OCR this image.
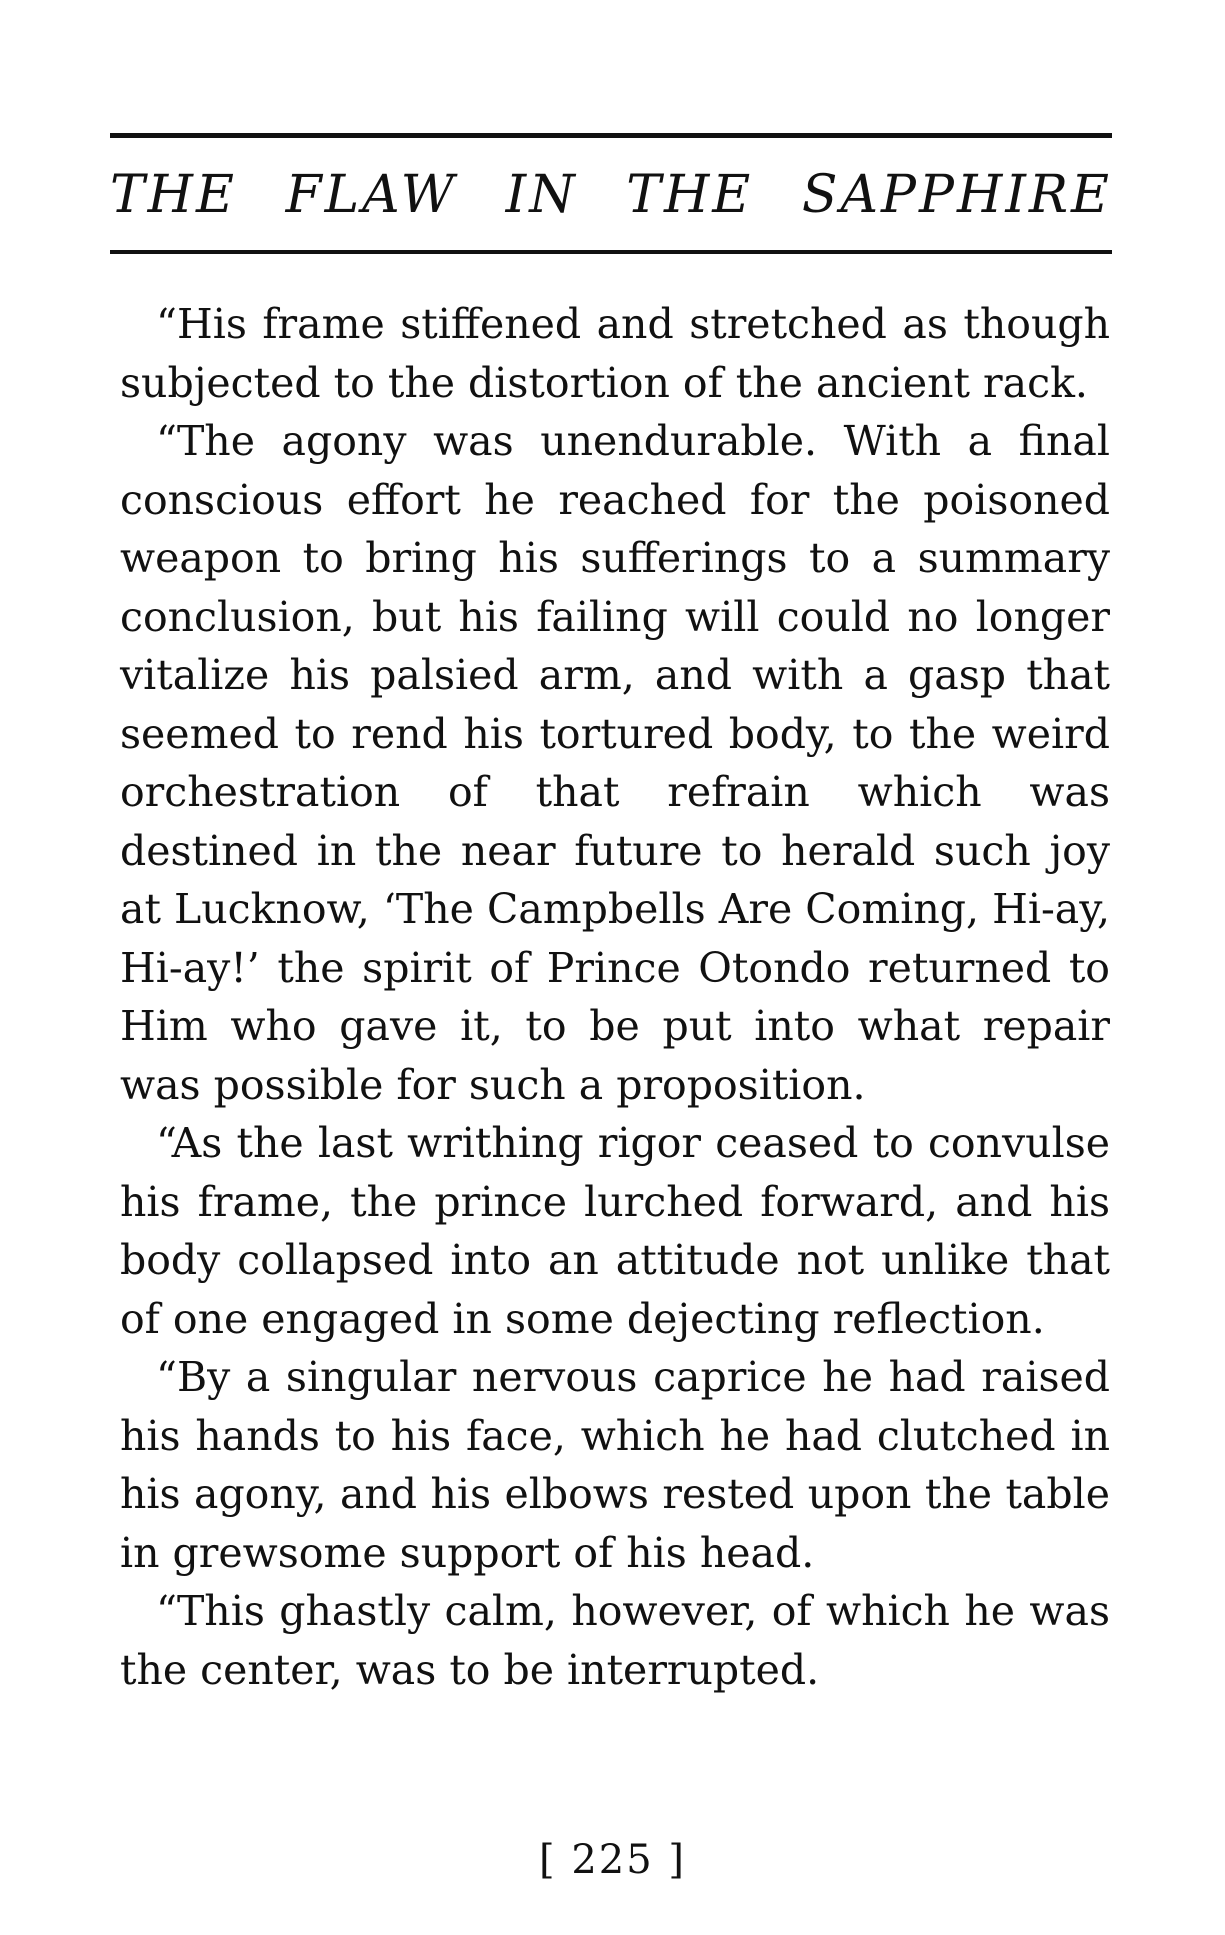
THE FLAW IN THE SAPPHIRE

“His frame stiffened and stretched as though subjected to the distortion of the ancient rack.

“The agony was unendurable. With a final conscious effort he reached for the poisoned weapon to bring his sufferings to a summary conclusion, but his failing will could no longer vitalize his palsied arm, and with a gasp that seemed to rend his tortured body, to the weird orchestration of that refrain which was destined in the near future to herald such joy at Lucknow, ‘The Campbells Are Coming, Hi-ay, Hi-ay!’ the spirit of Prince Otondo returned to Him who gave it, to be put into what repair was possible for such a proposition.

“As the last writhing rigor ceased to convulse his frame, the prince lurched forward, and his body collapsed into an attitude not unlike that of one engaged in some dejecting reflection.

“By a singular nervous caprice he had raised his hands to his face, which he had clutched in his agony, and his elbows rested upon the table in grewsome support of his head.

“This ghastly calm, however, of which he was the center, was to be interrupted.

[ 225 ]
